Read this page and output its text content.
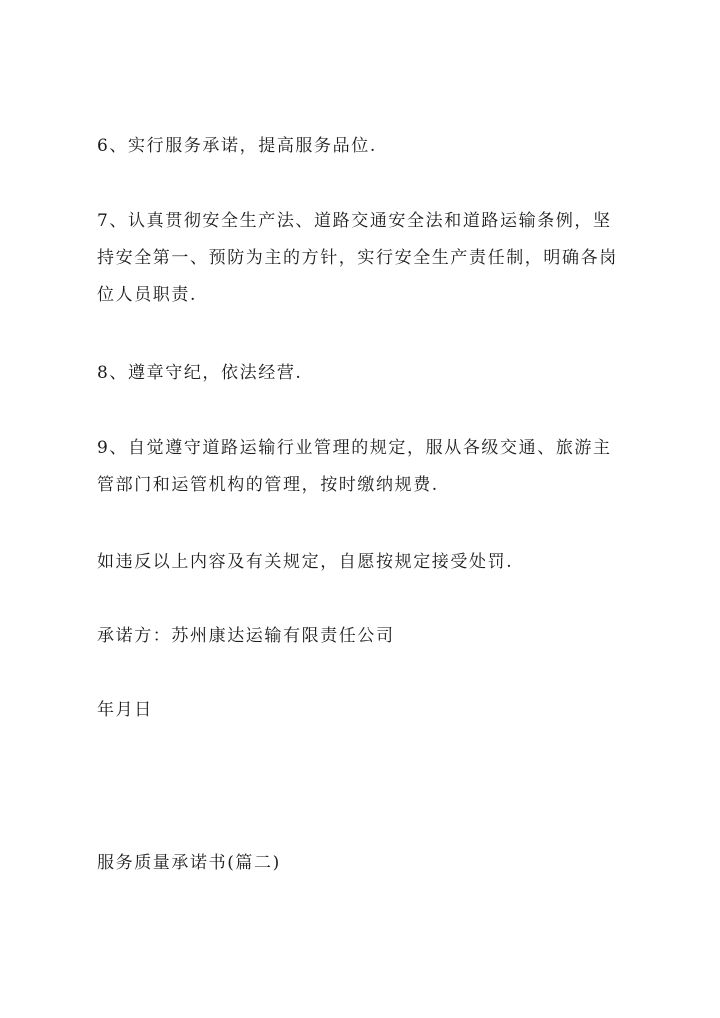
6、实行服务承诺，提高服务品位.

7、认真贯彻安全生产法、道路交通安全法和道路运输条例，坚
持安全第一、预防为主的方针，实行安全生产责任制，明确各岗
位人员职责.

8、遵章守纪，依法经营.

9、自觉遵守道路运输行业管理的规定，服从各级交通、旅游主
管部门和运管机构的管理，按时缴纳规费.

如违反以上内容及有关规定，自愿按规定接受处罚.

承诺方：苏州康达运输有限责任公司

年月日

服务质量承诺书(篇二)
